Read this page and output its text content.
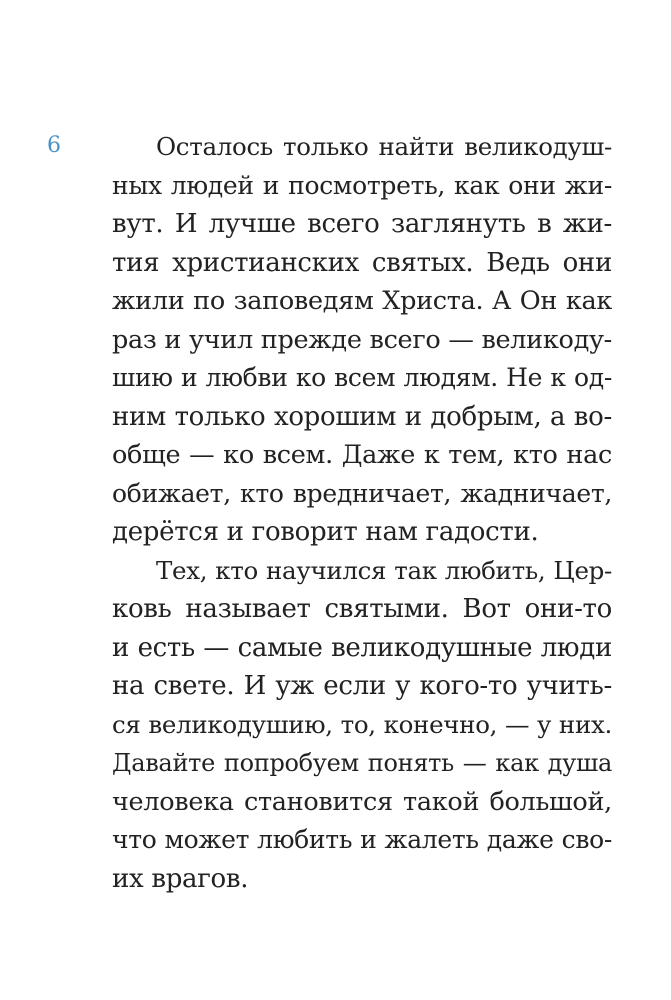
6	Осталось только найти великодуш-
ных людей и посмотреть, как они жи-
вут. И лучше всего заглянуть в жи-
тия христианских святых. Ведь они
жили по заповедям Христа. А Он как
раз и учил прежде всего — великоду-
шию и любви ко всем людям. Не к од-
ним только хорошим и добрым, а во-
обще — ко всем. Даже к тем, кто нас
обижает, кто вредничает, жадничает,
дерётся и говорит нам гадости.
Тех, кто научился так любить, Цер-
ковь называет святыми. Вот они-то
и есть — самые великодушные люди
на свете. И уж если у кого-то учить-
ся великодушию, то, конечно, — у них.
Давайте попробуем понять — как душа
человека становится такой большой,
что может любить и жалеть даже сво-
их врагов.
